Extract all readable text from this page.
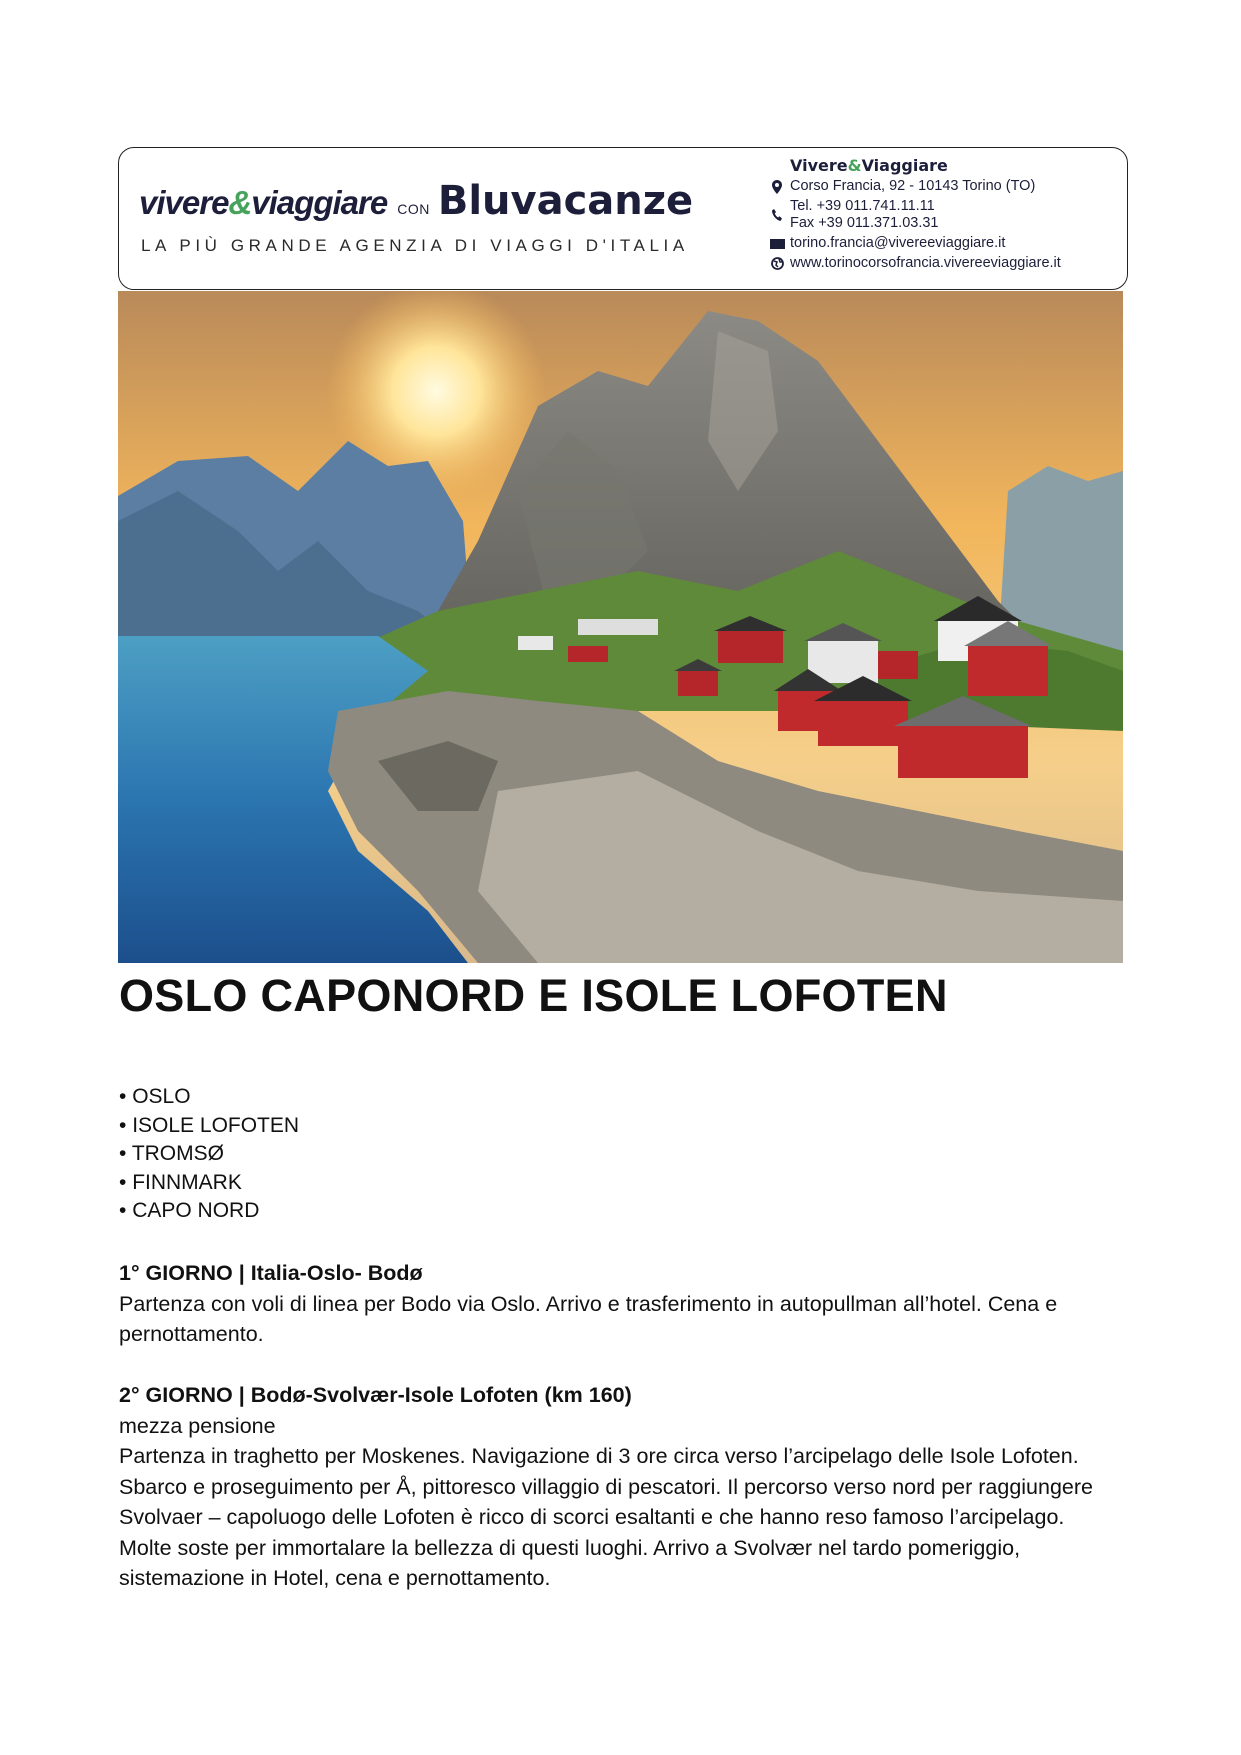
vivere&viaggiare CON Bluvacanze
LA PIÙ GRANDE AGENZIA DI VIAGGI D'ITALIA
Vivere&Viaggiare
Corso Francia, 92 - 10143 Torino (TO)
Tel. +39 011.741.11.11
Fax +39 011.371.03.31
torino.francia@vivereeviaggiare.it
www.torinocorsofrancia.vivereeviaggiare.it
OSLO CAPONORD E ISOLE LOFOTEN
• OSLO
• ISOLE LOFOTEN
• TROMSØ
• FINNMARK
• CAPO NORD

1° GIORNO | Italia-Oslo- Bodø

Partenza con voli di linea per Bodo via Oslo. Arrivo e trasferimento in autopullman all’hotel. Cena e pernottamento.

2° GIORNO | Bodø-Svolvær-Isole Lofoten (km 160)

mezza pensione

Partenza in traghetto per Moskenes. Navigazione di 3 ore circa verso l’arcipelago delle Isole Lofoten. Sbarco e proseguimento per Å, pittoresco villaggio di pescatori. Il percorso verso nord per raggiungere Svolvaer – capoluogo delle Lofoten è ricco di scorci esaltanti e che hanno reso famoso l’arcipelago. Molte soste per immortalare la bellezza di questi luoghi. Arrivo a Svolvær nel tardo pomeriggio, sistemazione in Hotel, cena e pernottamento.
